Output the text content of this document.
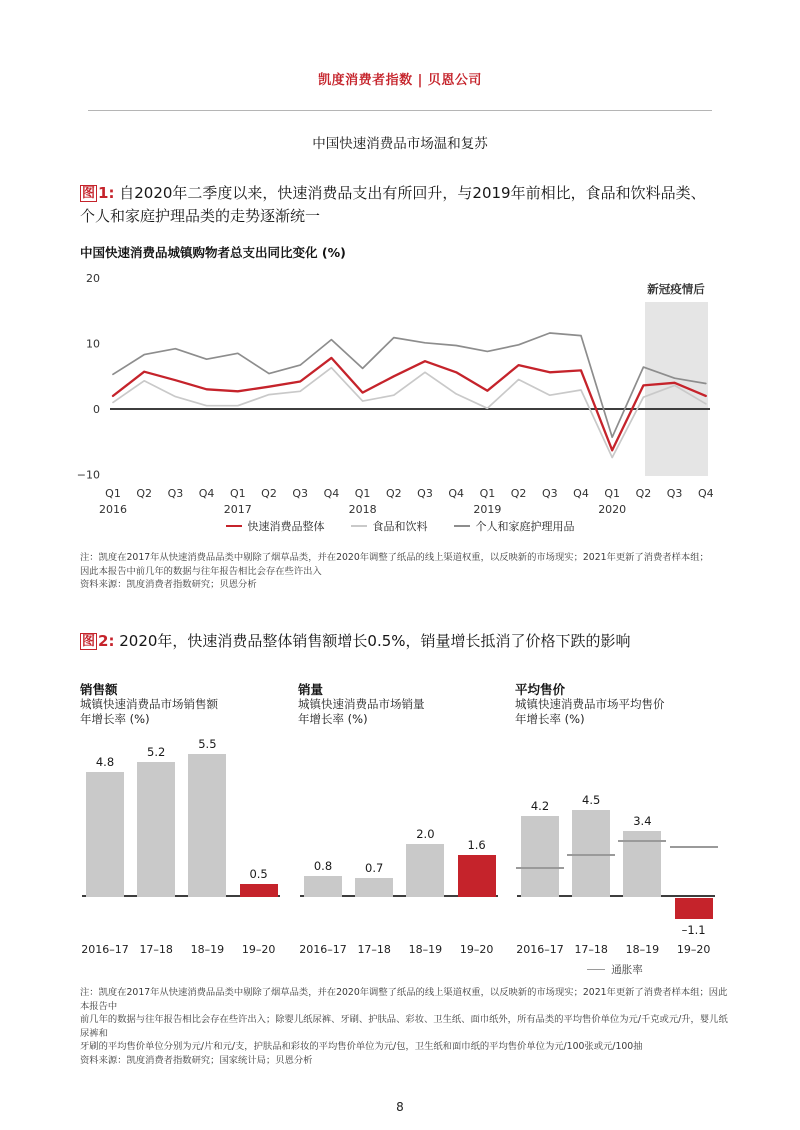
凯度消费者指数 | 贝恩公司
中国快速消费品市场温和复苏
图 1: 自2020年二季度以来，快速消费品支出有所回升，与2019年前相比，食品和饮料品类、个人和家庭护理品类的走势逐渐统一
中国快速消费品城镇购物者总支出同比变化 (%)
新冠疫情后
20
10
0
−10
Q1 Q2 Q3 Q4 Q1 Q2 Q3 Q4 Q1 Q2 Q3 Q4 Q1 Q2 Q3 Q4 Q1 Q2 Q3 Q4
2016	2017	2018	2019	2020
快速消费品整体	食品和饮料	个人和家庭护理用品
注：凯度在2017年从快速消费品品类中剔除了烟草品类，并在2020年调整了纸品的线上渠道权重，以反映新的市场现实；2021年更新了消费者样本组；
因此本报告中前几年的数据与往年报告相比会存在些许出入
资料来源：凯度消费者指数研究；贝恩分析
图 2: 2020年，快速消费品整体销售额增长0.5%，销量增长抵消了价格下跌的影响
销售额
城镇快速消费品市场销售额
年增长率 (%)
4.8
2016–17
5.2
17–18
5.5
18–19
0.5
19–20
销量
城镇快速消费品市场销量
年增长率 (%)
0.8
2016–17
0.7
17–18
2.0
18–19
1.6
19–20
平均售价
城镇快速消费品市场平均售价
年增长率 (%)
4.2
2016–17
4.5
17–18
3.4
18–19
–1.1
19–20
通胀率
注：凯度在2017年从快速消费品品类中剔除了烟草品类，并在2020年调整了纸品的线上渠道权重，以反映新的市场现实；2021年更新了消费者样本组；因此本报告中
前几年的数据与往年报告相比会存在些许出入；除婴儿纸尿裤、牙刷、护肤品、彩妆、卫生纸、面巾纸外，所有品类的平均售价单位为元/千克或元/升，婴儿纸尿裤和
牙刷的平均售价单位分别为元/片和元/支，护肤品和彩妆的平均售价单位为元/包，卫生纸和面巾纸的平均售价单位为元/100张或元/100抽
资料来源：凯度消费者指数研究；国家统计局；贝恩分析
8
